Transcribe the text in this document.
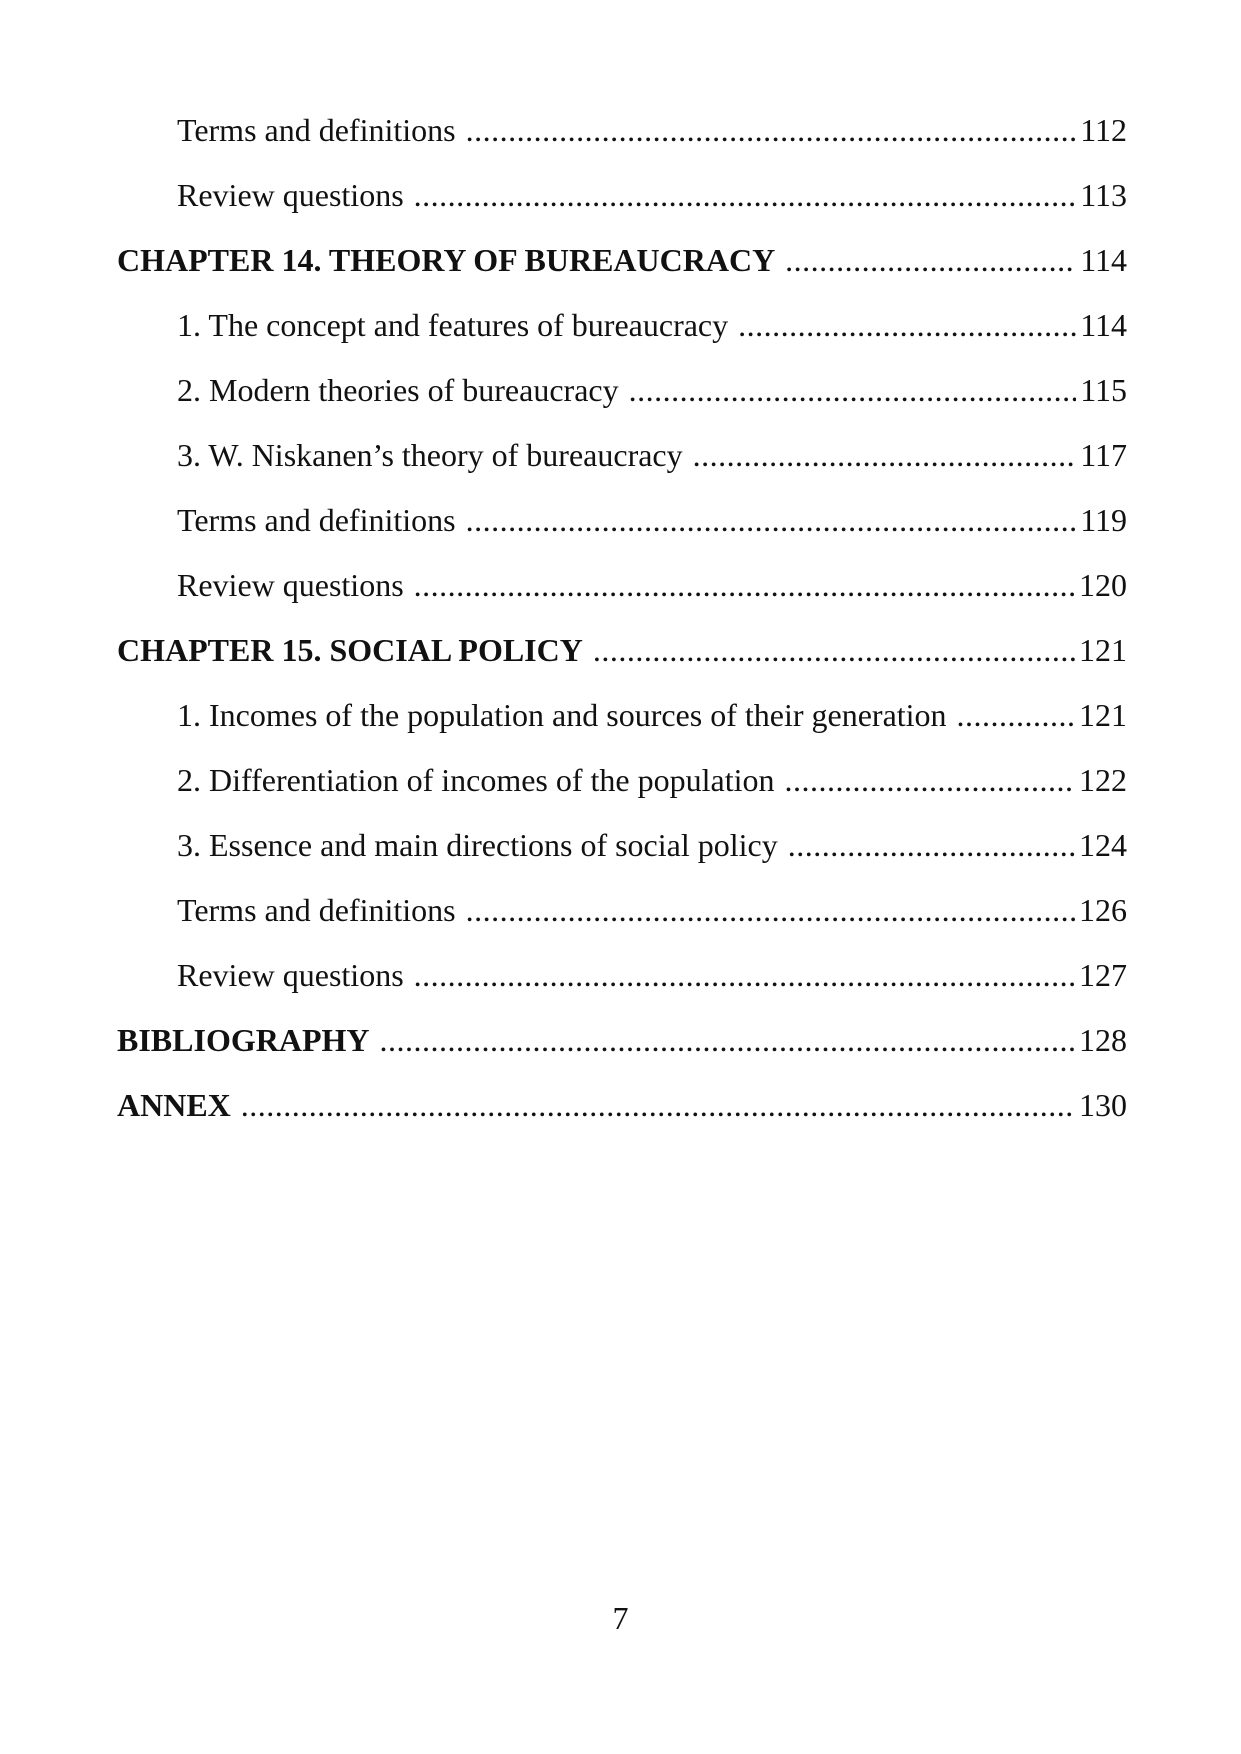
Terms and definitions .....	112
Review questions .....	113
CHAPTER 14. THEORY OF BUREAUCRACY .....	114
1. The concept and features of bureaucracy .....	114
2. Modern theories of bureaucracy .....	115
3. W. Niskanen’s theory of bureaucracy .....	117
Terms and definitions .....	119
Review questions .....	120
CHAPTER 15. SOCIAL POLICY .....	121
1. Incomes of the population and sources of their generation .....	121
2. Differentiation of incomes of the population .....	122
3. Essence and main directions of social policy .....	124
Terms and definitions .....	126
Review questions .....	127
BIBLIOGRAPHY .....	128
ANNEX .....	130
7
